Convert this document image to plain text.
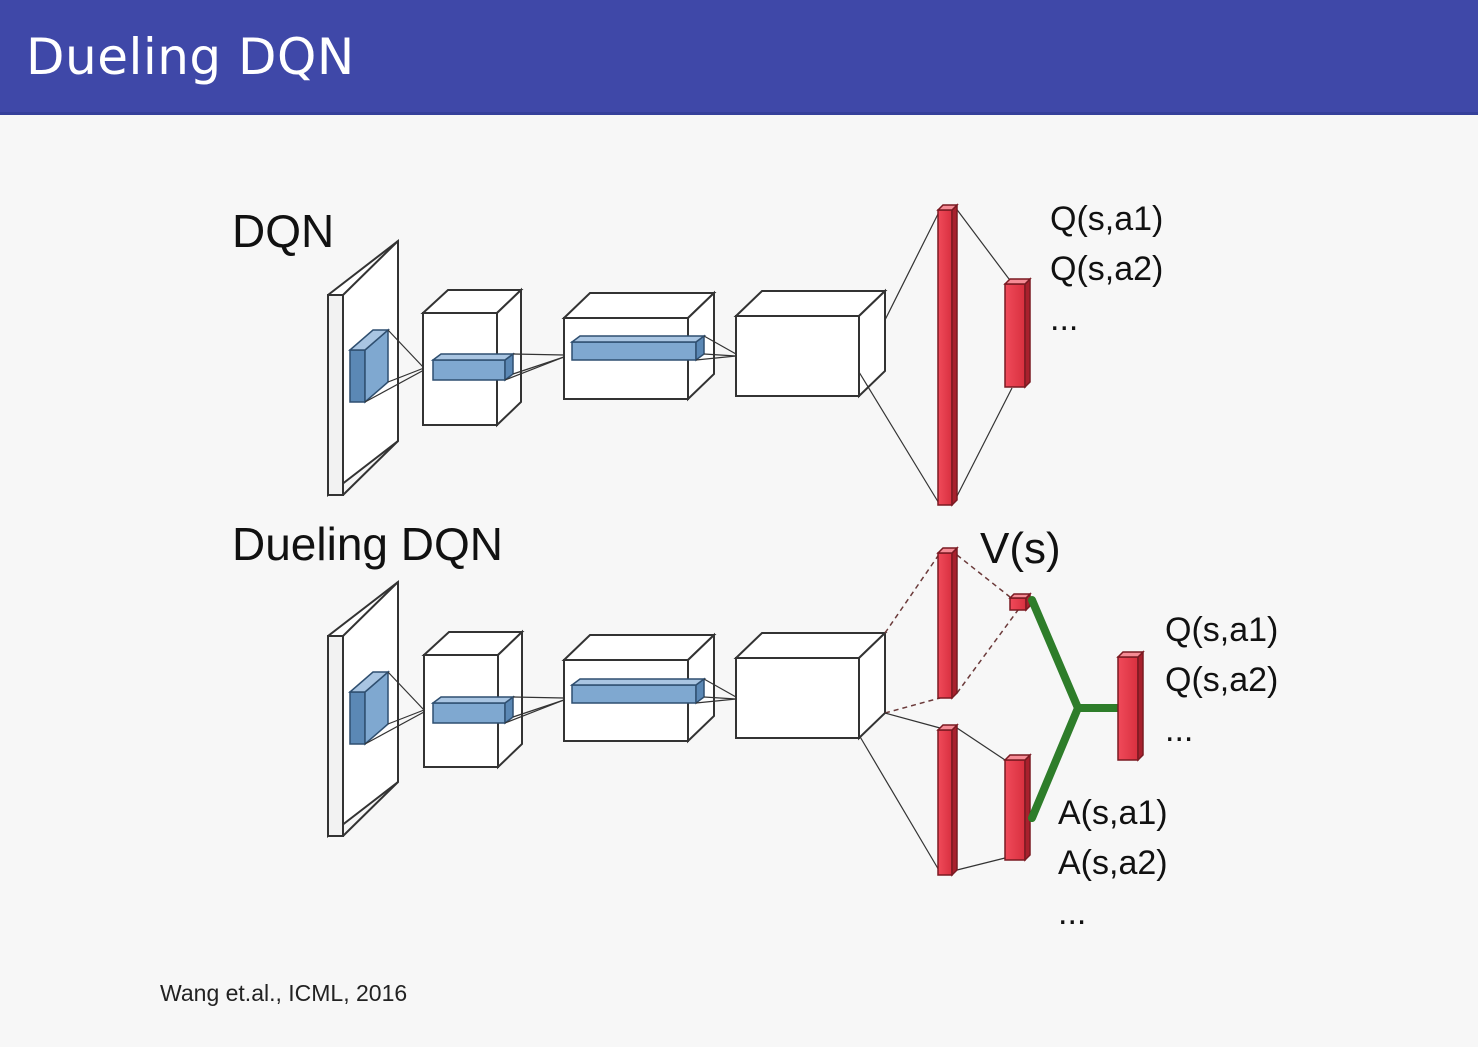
Dueling DQN
DQN
Dueling DQN
Q(s,a1)
Q(s,a2)
...
V(s)
Q(s,a1)
Q(s,a2)
...
A(s,a1)
A(s,a2)
...
Wang et.al., ICML, 2016
